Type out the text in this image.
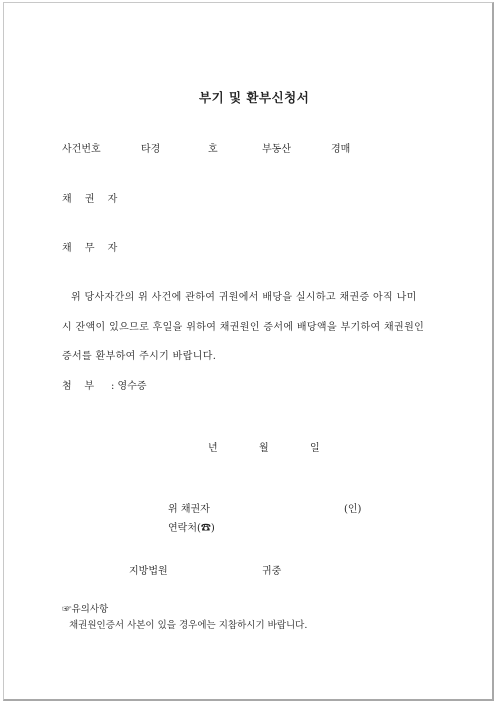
부기 및 환부신청서
사건번호	타경	호	부동산	경매
채 권 자
채 무 자
위 당사자간의 위 사건에 관하여 귀원에서 배당을 실시하고 채권증 아직 나미
시 잔액이 있으므로 후일을 위하여 채권원인 증서에 배당액을 부기하여 채권원인
증서를 환부하여 주시기 바랍니다.
첨    부 : 영수증
년	월	일
위 채권자	(인)
연락처(☎)
지방법원	귀중
☞유의사항
채권원인증서 사본이 있을 경우에는 지참하시기 바랍니다.
